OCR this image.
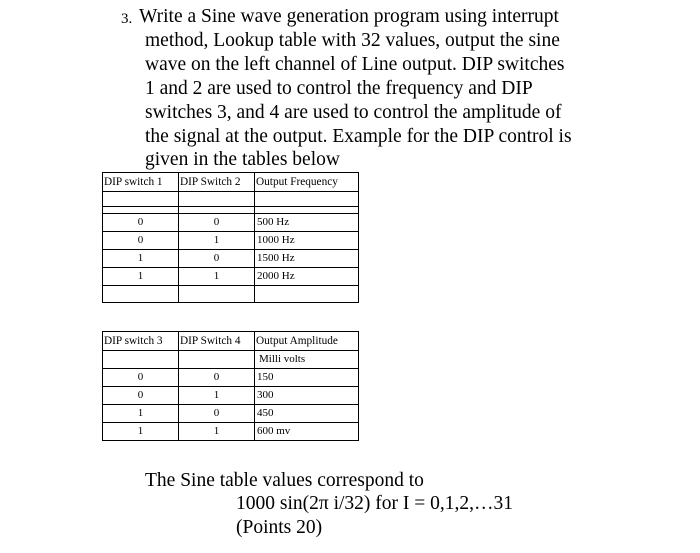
3. Write a Sine wave generation program using interrupt
method, Lookup table with 32 values, output the sine
wave on the left channel of Line output. DIP switches
1 and 2 are used to control the frequency and DIP
switches 3, and 4 are used to control the amplitude of
the signal at the output. Example for the DIP control is
given in the tables below
DIP switch 1	DIP Switch 2	Output Frequency

0	0	500 Hz
0	1	1000 Hz
1	0	1500 Hz
1	1	2000 Hz

DIP switch 3	DIP Switch 4	Output Amplitude
		Milli volts
0	0	150
0	1	300
1	0	450
1	1	600 mv
The Sine table values correspond to
1000 sin(2π i/32) for I = 0,1,2,…31
(Points 20)
